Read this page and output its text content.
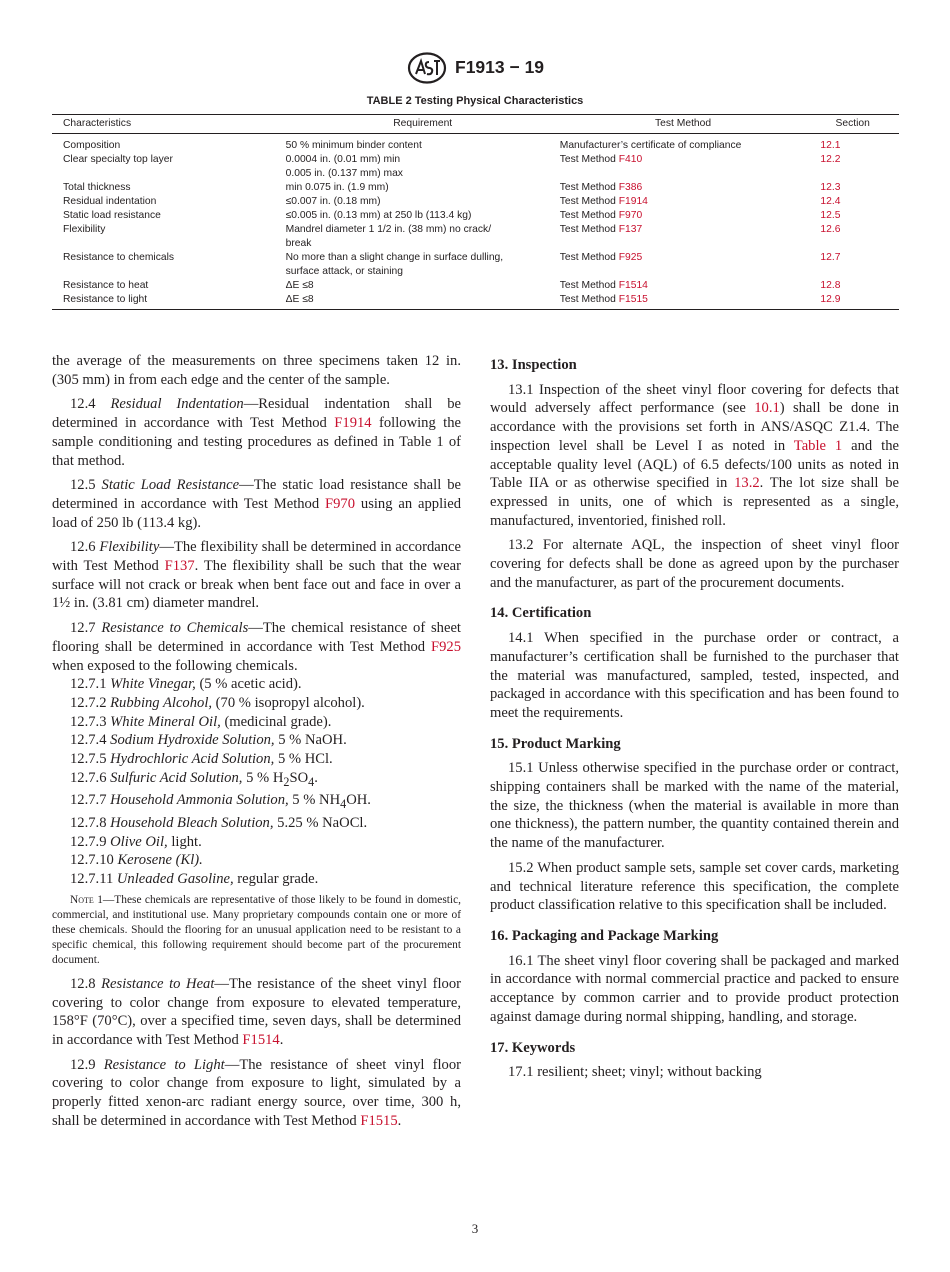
F1913 − 19
TABLE 2 Testing Physical Characteristics
Characteristics	Requirement	Test Method	Section
Composition	50 % minimum binder content	Manufacturer’s certificate of compliance	12.1
Clear specialty top layer	0.0004 in. (0.01 mm) min
0.005 in. (0.137 mm) max	Test Method F410	12.2
Total thickness	min 0.075 in. (1.9 mm)	Test Method F386	12.3
Residual indentation	≤0.007 in. (0.18 mm)	Test Method F1914	12.4
Static load resistance	≤0.005 in. (0.13 mm) at 250 lb (113.4 kg)	Test Method F970	12.5
Flexibility	Mandrel diameter 1 1/2 in. (38 mm) no crack/
break	Test Method F137	12.6
Resistance to chemicals	No more than a slight change in surface dulling,
surface attack, or staining	Test Method F925	12.7
Resistance to heat	ΔE ≤8	Test Method F1514	12.8
Resistance to light	ΔE ≤8	Test Method F1515	12.9

the average of the measurements on three specimens taken 12 in. (305 mm) in from each edge and the center of the sample.

12.4 Residual Indentation—Residual indentation shall be determined in accordance with Test Method F1914 following the sample conditioning and testing procedures as defined in Table 1 of that method.

12.5 Static Load Resistance—The static load resistance shall be determined in accordance with Test Method F970 using an applied load of 250 lb (113.4 kg).

12.6 Flexibility—The flexibility shall be determined in accordance with Test Method F137. The flexibility shall be such that the wear surface will not crack or break when bent face out and face in over a 1½ in. (3.81 cm) diameter mandrel.

12.7 Resistance to Chemicals—The chemical resistance of sheet flooring shall be determined in accordance with Test Method F925 when exposed to the following chemicals.

12.7.1 White Vinegar, (5 % acetic acid).

12.7.2 Rubbing Alcohol, (70 % isopropyl alcohol).

12.7.3 White Mineral Oil, (medicinal grade).

12.7.4 Sodium Hydroxide Solution, 5 % NaOH.

12.7.5 Hydrochloric Acid Solution, 5 % HCl.

12.7.6 Sulfuric Acid Solution, 5 % $H_2SO_4$.

12.7.7 Household Ammonia Solution, 5 % $NH_4OH$.

12.7.8 Household Bleach Solution, 5.25 % NaOCl.

12.7.9 Olive Oil, light.

12.7.10 Kerosene (Kl).

12.7.11 Unleaded Gasoline, regular grade.

Note 1—These chemicals are representative of those likely to be found in domestic, commercial, and institutional use. Many proprietary compounds contain one or more of these chemicals. Should the flooring for an unusual application need to be resistant to a specific chemical, this following requirement should become part of the procurement document.

12.8 Resistance to Heat—The resistance of the sheet vinyl floor covering to color change from exposure to elevated temperature, 158°F (70°C), over a specified time, seven days, shall be determined in accordance with Test Method F1514.

12.9 Resistance to Light—The resistance of sheet vinyl floor covering to color change from exposure to light, simulated by a properly fitted xenon-arc radiant energy source, over time, 300 h, shall be determined in accordance with Test Method F1515.

13. Inspection

13.1 Inspection of the sheet vinyl floor covering for defects that would adversely affect performance (see 10.1) shall be done in accordance with the provisions set forth in ANS/ASQC Z1.4. The inspection level shall be Level I as noted in Table 1 and the acceptable quality level (AQL) of 6.5 defects/100 units as noted in Table IIA or as otherwise specified in 13.2. The lot size shall be expressed in units, one of which is represented as a single, manufactured, inventoried, finished roll.

13.2 For alternate AQL, the inspection of sheet vinyl floor covering for defects shall be done as agreed upon by the purchaser and the manufacturer, as part of the procurement documents.

14. Certification

14.1 When specified in the purchase order or contract, a manufacturer’s certification shall be furnished to the purchaser that the material was manufactured, sampled, tested, inspected, and packaged in accordance with this specification and has been found to meet the requirements.

15. Product Marking

15.1 Unless otherwise specified in the purchase order or contract, shipping containers shall be marked with the name of the material, the size, the thickness (when the material is available in more than one thickness), the pattern number, the quantity contained therein and the name of the manufacturer.

15.2 When product sample sets, sample set cover cards, marketing and technical literature reference this specification, the complete product classification relative to this specification shall be included.

16. Packaging and Package Marking

16.1 The sheet vinyl floor covering shall be packaged and marked in accordance with normal commercial practice and packed to ensure acceptance by common carrier and to provide product protection against damage during normal shipping, handling, and storage.

17. Keywords

17.1 resilient; sheet; vinyl; without backing

3
